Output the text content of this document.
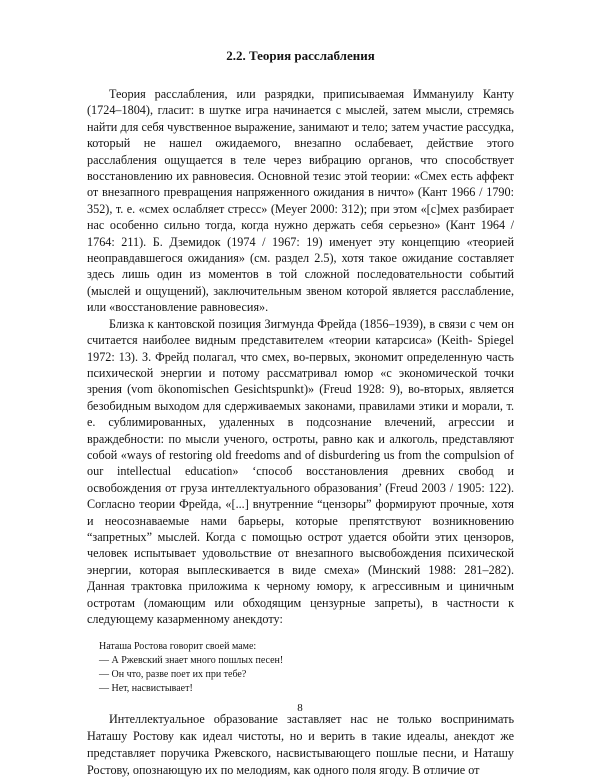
2.2. Теория расслабления

Теория расслабления, или разрядки, приписываемая Иммануилу Канту (1724–1804), гласит: в шутке игра начинается с мыслей, затем мысли, стремясь найти для себя чувственное выражение, занимают и тело; затем участие рассудка, который не нашел ожидаемого, внезапно ослабевает, действие этого расслабления ощущается в теле через вибрацию органов, что способствует восстановлению их равновесия. Основной тезис этой теории: «Смех есть аффект от внезапного превращения напряженного ожидания в ничто» (Кант 1966 / 1790: 352), т. е. «смех ослабляет стресс» (Meyer 2000: 312); при этом «[с]мех разбирает нас особенно сильно тогда, когда нужно держать себя серьезно» (Кант 1964 / 1764: 211). Б. Дземидок (1974 / 1967: 19) именует эту концепцию «теорией неоправдавшегося ожидания» (см. раздел 2.5), хотя такое ожидание составляет здесь лишь один из моментов в той сложной последовательности событий (мыслей и ощущений), заключительным звеном которой является расслабление, или «восстановление равновесия».

Близка к кантовской позиция Зигмунда Фрейда (1856–1939), в связи с чем он считается наиболее видным представителем «теории катарсиса» (Keith- Spiegel 1972: 13). З. Фрейд полагал, что смех, во-первых, экономит определенную часть психической энергии и потому рассматривал юмор «с экономической точки зрения (vom ökonomischen Gesichtspunkt)» (Freud 1928: 9), во-вторых, является безобидным выходом для сдерживаемых законами, правилами этики и морали, т. е. сублимированных, удаленных в подсознание влечений, агрессии и враждебности: по мысли ученого, остроты, равно как и алкоголь, представляют собой «ways of restoring old freedoms and of disburdering us from the compulsion of our intellectual education» ‘способ восстановления древних свобод и освобождения от груза интеллектуального образования’ (Freud 2003 / 1905: 122). Согласно теории Фрейда, «[...] внутренние “цензоры” формируют прочные, хотя и неосознаваемые нами барьеры, которые препятствуют возникновению “запретных” мыслей. Когда с помощью острот удается обойти этих цензоров, человек испытывает удовольствие от внезапного высвобождения психической энергии, которая выплескивается в виде смеха» (Минский 1988: 281–282). Данная трактовка приложима к черному юмору, к агрессивным и циничным остротам (ломающим или обходящим цензурные запреты), в частности к следующему казарменному анекдоту:

Наташа Ростова говорит своей маме:
— А Ржевский знает много пошлых песен!
— Он что, разве поет их при тебе?
— Нет, насвистывает!

Интеллектуальное образование заставляет нас не только воспринимать Наташу Ростову как идеал чистоты, но и верить в такие идеалы, анекдот же представляет поручика Ржевского, насвистывающего пошлые песни, и Наташу Ростову, опознающую их по мелодиям, как одного поля ягоду. В отличие от

8
